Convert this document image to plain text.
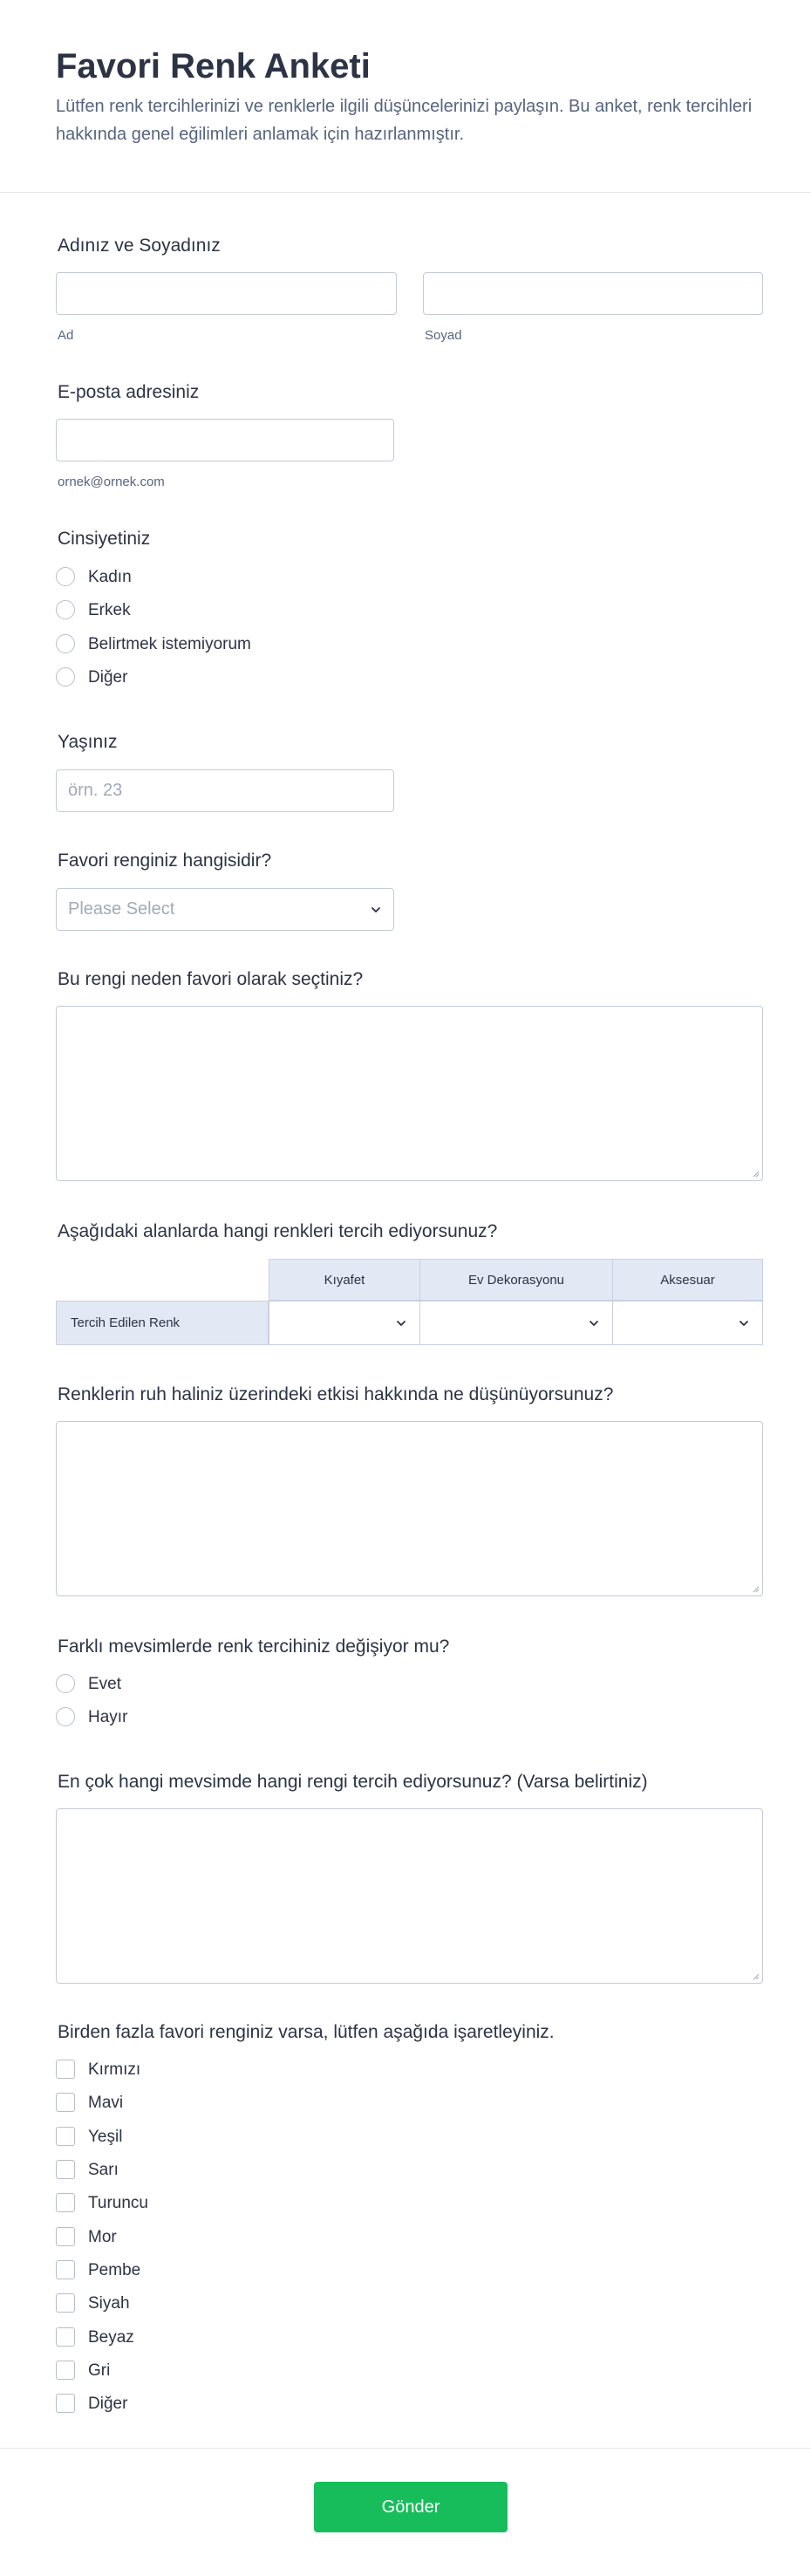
Favori Renk Anketi
Lütfen renk tercihlerinizi ve renklerle ilgili düşüncelerinizi paylaşın. Bu anket, renk tercihleri hakkında genel eğilimleri anlamak için hazırlanmıştır.
Adınız ve Soyadınız
Ad	Soyad
E-posta adresiniz
ornek@ornek.com
Cinsiyetiniz
Kadın
Erkek
Belirtmek istemiyorum
Diğer
Yaşınız
örn. 23
Favori renginiz hangisidir?
Please Select
Bu rengi neden favori olarak seçtiniz?
Aşağıdaki alanlarda hangi renkleri tercih ediyorsunuz?
Kıyafet	Ev Dekorasyonu	Aksesuar
Tercih Edilen Renk
Renklerin ruh haliniz üzerindeki etkisi hakkında ne düşünüyorsunuz?
Farklı mevsimlerde renk tercihiniz değişiyor mu?
Evet
Hayır
En çok hangi mevsimde hangi rengi tercih ediyorsunuz? (Varsa belirtiniz)
Birden fazla favori renginiz varsa, lütfen aşağıda işaretleyiniz.
Kırmızı
Mavi
Yeşil
Sarı
Turuncu
Mor
Pembe
Siyah
Beyaz
Gri
Diğer
Gönder
